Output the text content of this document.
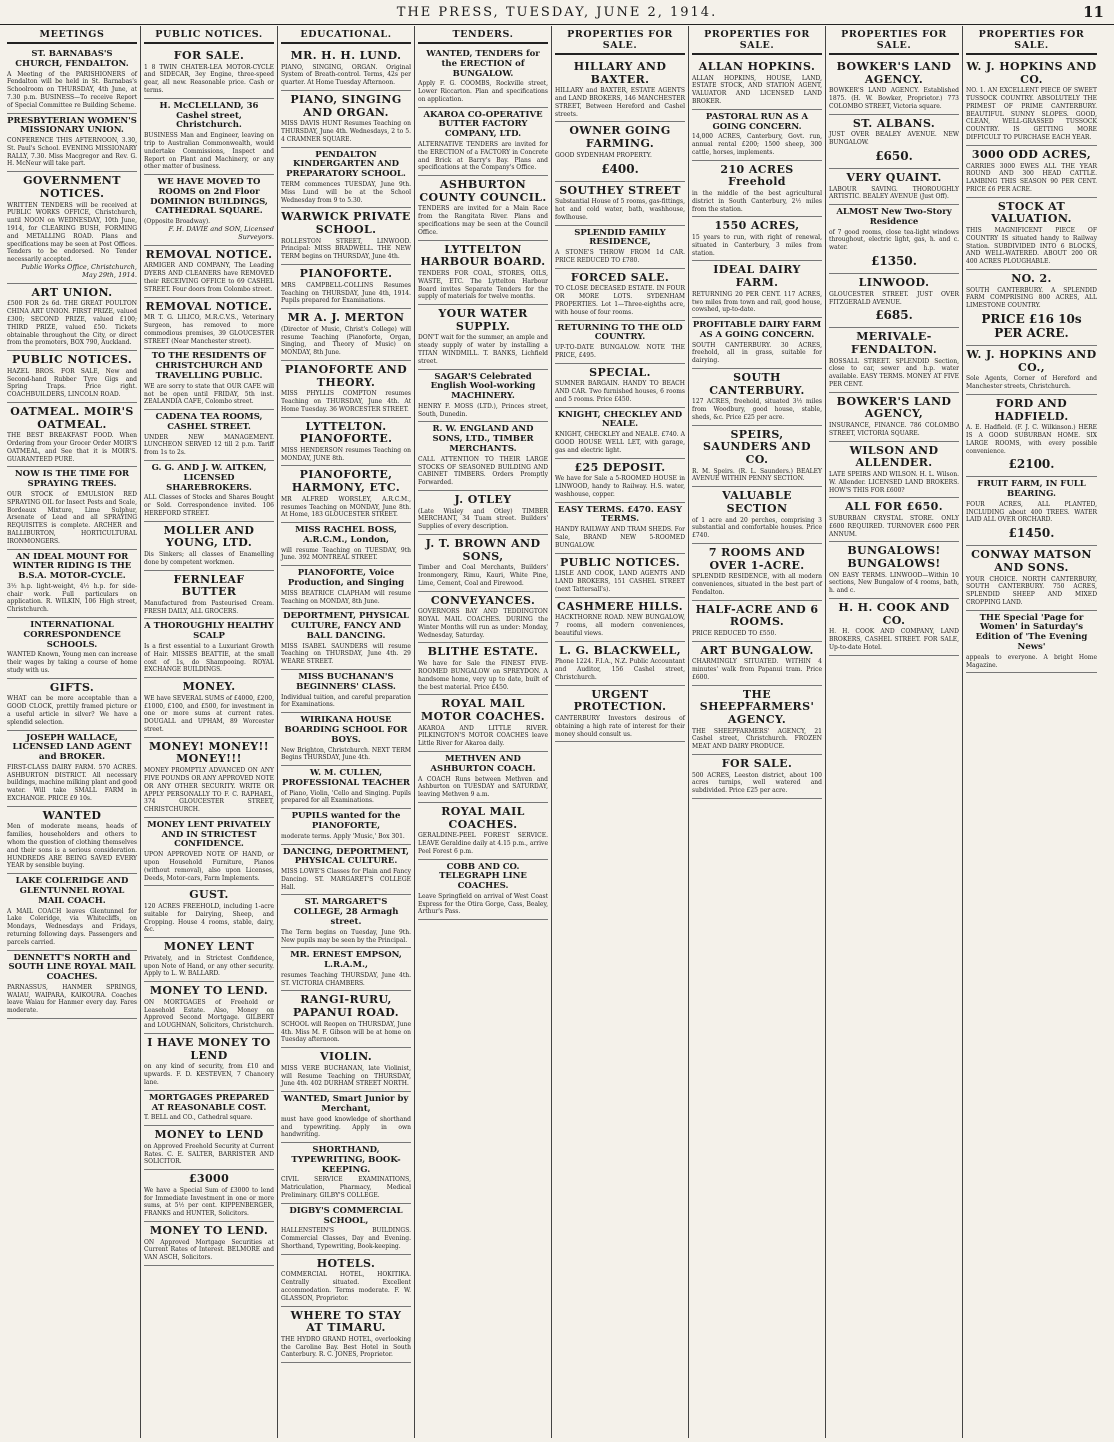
THE PRESS, TUESDAY, JUNE 2, 1914.	11
MEETINGS
ST. BARNABAS'S CHURCH, FENDALTON.
A Meeting of the PARISHIONERS of Fendalton will be held in St. Barnabas's Schoolroom on THURSDAY, 4th June, at 7.30 p.m. BUSINESS—To receive Report of Special Committee re Building Scheme.
PRESBYTERIAN WOMEN'S MISSIONARY UNION.
CONFERENCE THIS AFTERNOON, 3.30, St. Paul's School. EVENING MISSIONARY RALLY, 7.30. Miss Macgregor and Rev. G. H. McNeur will take part.
GOVERNMENT NOTICES.
WRITTEN TENDERS will be received at PUBLIC WORKS OFFICE, Christchurch, until NOON on WEDNESDAY, 10th June, 1914, for CLEARING BUSH, FORMING and METALLING ROAD. Plans and specifications may be seen at Post Offices. Tenders to be endorsed. No Tender necessarily accepted.
Public Works Office, Christchurch, May 29th, 1914.
ART UNION.
£500 FOR 2s 6d. THE GREAT POULTON CHINA ART UNION. FIRST PRIZE, valued £300; SECOND PRIZE, valued £100; THIRD PRIZE, valued £50. Tickets obtainable throughout the City, or direct from the promoters, BOX 790, Auckland.
PUBLIC NOTICES.
HAZEL BROS. FOR SALE, New and Second-hand Rubber Tyre Gigs and Spring Traps. Price right. COACHBUILDERS, LINCOLN ROAD.
OATMEAL. MOIR'S OATMEAL.
THE BEST BREAKFAST FOOD. When Ordering from your Grocer Order MOIR'S OATMEAL, and See that it is MOIR'S. GUARANTEED PURE.
NOW IS THE TIME FOR SPRAYING TREES.
OUR STOCK of EMULSION RED SPRAYING OIL for Insect Pests and Scale, Bordeaux Mixture, Lime Sulphur, Arsenate of Lead and all SPRAYING REQUISITES is complete. ARCHER and BALLIBURTON, HORTICULTURAL IRONMONGERS.
AN IDEAL MOUNT FOR WINTER RIDING IS THE B.S.A. MOTOR-CYCLE.
3½ h.p. light-weight, 4½ h.p. for side-chair work. Full particulars on application. R. WILKIN, 106 High street, Christchurch.
INTERNATIONAL CORRESPONDENCE SCHOOLS.
WANTED Known, Young men can increase their wages by taking a course of home study with us.
GIFTS.
WHAT can be more acceptable than a GOOD CLOCK, prettily framed picture or a useful article in silver? We have a splendid selection.
JOSEPH WALLACE, LICENSED LAND AGENT and BROKER.
FIRST-CLASS DAIRY FARM. 570 ACRES. ASHBURTON DISTRICT. All necessary buildings, machine milking plant and good water. Will take SMALL FARM in EXCHANGE. PRICE £9 10s.
WANTED
Men of moderate means, heads of families, householders and others to whom the question of clothing themselves and their sons is a serious consideration. HUNDREDS ARE BEING SAVED EVERY YEAR by sensible buying.
LAKE COLERIDGE AND GLENTUNNEL ROYAL MAIL COACH.
A MAIL COACH leaves Glentunnel for Lake Coleridge, via Whitecliffs, on Mondays, Wednesdays and Fridays, returning following days. Passengers and parcels carried.
DENNETT'S NORTH and SOUTH LINE ROYAL MAIL COACHES.
PARNASSUS, HANMER SPRINGS, WAIAU, WAIPARA, KAIKOURA. Coaches leave Waiau for Hanmer every day. Fares moderate.
PUBLIC NOTICES.
FOR SALE.
1 8 TWIN CHATER-LEA MOTOR-CYCLE and SIDECAR, 3ey Engine, three-speed gear, all new. Reasonable price. Cash or terms.
H. McCLELLAND, 36 Cashel street, Christchurch.
BUSINESS Man and Engineer, leaving on trip to Australian Commonwealth, would undertake Commissions, Inspect and Report on Plant and Machinery, or any other matter of business.
WE HAVE MOVED TO ROOMS on 2nd Floor DOMINION BUILDINGS, CATHEDRAL SQUARE.
(Opposite Broadway).
F. H. DAVIE and SON, Licensed Surveyors.
REMOVAL NOTICE.
ARMIGER AND COMPANY, The Leading DYERS AND CLEANERS have REMOVED their RECEIVING OFFICE to 69 CASHEL STREET. Four doors from Colombo street.
REMOVAL NOTICE.
MR T. G. LILICO, M.R.C.V.S., Veterinary Surgeon, has removed to more commodious premises, 39 GLOUCESTER STREET (Near Manchester street).
TO THE RESIDENTS OF CHRISTCHURCH AND TRAVELLING PUBLIC.
WE are sorry to state that OUR CAFE will not be open until FRIDAY, 5th inst. ZEALANDIA CAFE, Colombo street.
CADENA TEA ROOMS, CASHEL STREET.
UNDER NEW MANAGEMENT. LUNCHEON SERVED 12 till 2 p.m. Tariff from 1s to 2s.
G. G. AND J. W. AITKEN, LICENSED SHAREBROKERS.
ALL Classes of Stocks and Shares Bought or Sold. Correspondence invited. 106 HEREFORD STREET.
MOLLER AND YOUNG, LTD.
Dis Sinkers; all classes of Enamelling done by competent workmen.
FERNLEAF BUTTER
Manufactured from Pasteurised Cream. FRESH DAILY, ALL GROCERS.
A THOROUGHLY HEALTHY SCALP
Is a first essential to a Luxuriant Growth of Hair. MISSES BEATTIE, at the small cost of 1s, do Shampooing. ROYAL EXCHANGE BUILDINGS.
MONEY.
WE have SEVERAL SUMS of £4000, £200, £1000, £100, and £500, for investment in one or more sums at current rates. DOUGALL and UPHAM, 89 Worcester street.
MONEY! MONEY!! MONEY!!!
MONEY PROMPTLY ADVANCED ON ANY FIVE POUNDS OR ANY APPROVED NOTE OR ANY OTHER SECURITY. WRITE OR APPLY PERSONALLY TO F. C. RAPHAEL, 374 GLOUCESTER STREET, CHRISTCHURCH.
MONEY LENT PRIVATELY AND IN STRICTEST CONFIDENCE.
UPON APPROVED NOTE OF HAND, or upon Household Furniture, Pianos (without removal), also upon Licenses, Deeds, Motor-cars, Farm Implements.
GUST.
120 ACRES FREEHOLD, including 1-acre suitable for Dairying, Sheep, and Cropping. House 4 rooms, stable, dairy, &c.
MONEY LENT
Privately, and in Strictest Confidence, upon Note of Hand, or any other security. Apply to L. W. BALLARD.
MONEY TO LEND.
ON MORTGAGES of Freehold or Leasehold Estate. Also, Money on Approved Second Mortgage. GILBERT and LOUGHNAN, Solicitors, Christchurch.
I HAVE MONEY TO LEND
on any kind of security, from £10 and upwards. F. D. KESTEVEN, 7 Chancery lane.
MORTGAGES PREPARED AT REASONABLE COST.
T. BELL and CO., Cathedral square.
MONEY to LEND
on Approved Freehold Security at Current Rates. C. E. SALTER, BARRISTER AND SOLICITOR.
£3000
We have a Special Sum of £3000 to lend for Immediate Investment in one or more sums, at 5½ per cent. KIPPENBERGER, FRANKS and HUNTER, Solicitors.
MONEY TO LEND.
ON Approved Mortgage Securities at Current Rates of Interest. BELMORE and VAN ASCH, Solicitors.
EDUCATIONAL.
MR. H. H. LUND.
PIANO, SINGING, ORGAN. Original System of Breath-control. Terms, 42s per quarter. At Home Tuesday Afternoon.
PIANO, SINGING AND ORGAN.
MISS DAVIS HUNT Resumes Teaching on THURSDAY, June 4th. Wednesdays, 2 to 5. 4 CRAMNER SQUARE.
PENDALTON KINDERGARTEN AND PREPARATORY SCHOOL.
TERM commences TUESDAY, June 9th. Miss Lund will be at the School Wednesday from 9 to 5.30.
WARWICK PRIVATE SCHOOL.
ROLLESTON STREET, LINWOOD. Principal: MISS BRADWELL. THE NEW TERM begins on THURSDAY, June 4th.
PIANOFORTE.
MRS CAMPBELL-COLLINS Resumes Teaching on THURSDAY, June 4th, 1914. Pupils prepared for Examinations.
MR A. J. MERTON
(Director of Music, Christ's College) will resume Teaching (Pianoforte, Organ, Singing, and Theory of Music) on MONDAY, 8th June.
PIANOFORTE AND THEORY.
MISS PHYLLIS COMPTON resumes Teaching on THURSDAY, June 4th. At Home Tuesday. 36 WORCESTER STREET.
LYTTELTON. PIANOFORTE.
MISS HENDERSON resumes Teaching on MONDAY, JUNE 8th.
PIANOFORTE, HARMONY, ETC.
MR ALFRED WORSLEY, A.R.C.M., resumes Teaching on MONDAY, June 8th. At Home, 183 GLOUCESTER STREET.
MISS RACHEL BOSS, A.R.C.M., London,
will resume Teaching on TUESDAY, 9th June. 392 MONTREAL STREET.
PIANOFORTE, Voice Production, and Singing
MISS BEATRICE CLAPHAM will resume Teaching on MONDAY, 8th June.
DEPORTMENT, PHYSICAL CULTURE, FANCY AND BALL DANCING.
MISS ISABEL SAUNDERS will resume Teaching on THURSDAY, June 4th. 29 WEARE STREET.
MISS BUCHANAN'S BEGINNERS' CLASS.
Individual tuition, and careful preparation for Examinations.
WIRIKANA HOUSE BOARDING SCHOOL FOR BOYS.
New Brighton, Christchurch. NEXT TERM Begins THURSDAY, June 4th.
W. M. CULLEN, PROFESSIONAL TEACHER
of Piano, Violin, 'Cello and Singing. Pupils prepared for all Examinations.
PUPILS wanted for the PIANOFORTE,
moderate terms. Apply 'Music,' Box 301.
DANCING, DEPORTMENT, PHYSICAL CULTURE.
MISS LOWE'S Classes for Plain and Fancy Dancing. ST. MARGARET'S COLLEGE Hall.
ST. MARGARET'S COLLEGE, 28 Armagh street.
The Term begins on Tuesday, June 9th. New pupils may be seen by the Principal.
MR. ERNEST EMPSON, L.R.A.M.,
resumes Teaching THURSDAY, June 4th. ST. VICTORIA CHAMBERS.
RANGI-RURU, PAPANUI ROAD.
SCHOOL will Reopen on THURSDAY, June 4th. Miss M. F. Gibson will be at home on Tuesday afternoon.
VIOLIN.
MISS VERE BUCHANAN, late Violinist, will Resume Teaching on THURSDAY, June 4th. 402 DURHAM STREET NORTH.
WANTED, Smart Junior by Merchant,
must have good knowledge of shorthand and typewriting. Apply in own handwriting.
SHORTHAND, TYPEWRITING, BOOK-KEEPING.
CIVIL SERVICE EXAMINATIONS, Matriculation, Pharmacy, Medical Preliminary. GILBY'S COLLEGE.
DIGBY'S COMMERCIAL SCHOOL,
HALLENSTEIN'S BUILDINGS. Commercial Classes, Day and Evening. Shorthand, Typewriting, Book-keeping.
HOTELS.
COMMERCIAL HOTEL, HOKITIKA. Centrally situated. Excellent accommodation. Terms moderate. F. W. GLASSON, Proprietor.
WHERE TO STAY AT TIMARU.
THE HYDRO GRAND HOTEL, overlooking the Caroline Bay. Best Hotel in South Canterbury. R. C. JONES, Proprietor.
TENDERS.
WANTED, TENDERS for the ERECTION of BUNGALOW.
Apply F. G. COOMBS, Rockville street, Lower Riccarton. Plan and specifications on application.
AKAROA CO-OPERATIVE BUTTER FACTORY COMPANY, LTD.
ALTERNATIVE TENDERS are invited for the ERECTION of a FACTORY in Concrete and Brick at Barry's Bay. Plans and specifications at the Company's Office.
ASHBURTON COUNTY COUNCIL.
TENDERS are invited for a Main Race from the Rangitata River. Plans and specifications may be seen at the Council Office.
LYTTELTON HARBOUR BOARD.
TENDERS FOR COAL, STORES, OILS, WASTE, ETC. The Lyttelton Harbour Board invites Separate Tenders for the supply of materials for twelve months.
YOUR WATER SUPPLY.
DON'T wait for the summer, an ample and steady supply of water by installing a TITAN WINDMILL. T. BANKS, Lichfield street.
SAGAR'S Celebrated English Wool-working MACHINERY.
HENRY F. MOSS (LTD.), Princes street, South, Dunedin.
R. W. ENGLAND AND SONS, LTD., TIMBER MERCHANTS.
CALL ATTENTION TO THEIR LARGE STOCKS OF SEASONED BUILDING AND CABINET TIMBERS. Orders Promptly Forwarded.
J. OTLEY
(Late Wisley and Otley) TIMBER MERCHANT, 34 Tuam street. Builders' Supplies of every description.
J. T. BROWN AND SONS,
Timber and Coal Merchants, Builders' Ironmongery, Rimu, Kauri, White Pine, Lime, Cement, Coal and Firewood.
CONVEYANCES.
GOVERNORS BAY AND TEDDINGTON ROYAL MAIL COACHES. DURING the Winter Months will run as under: Monday, Wednesday, Saturday.
BLITHE ESTATE.
We have for Sale the FINEST FIVE-ROOMED BUNGALOW on SPREYDON. A handsome home, very up to date, built of the best material. Price £450.
ROYAL MAIL MOTOR COACHES.
AKAROA AND LITTLE RIVER. PILKINGTON'S MOTOR COACHES leave Little River for Akaroa daily.
METHVEN AND ASHBURTON COACH.
A COACH Runs between Methven and Ashburton on TUESDAY and SATURDAY, leaving Methven 9 a.m.
ROYAL MAIL COACHES.
GERALDINE-PEEL FOREST SERVICE. LEAVE Geraldine daily at 4.15 p.m., arrive Peel Forest 6 p.m.
COBB AND CO. TELEGRAPH LINE COACHES.
Leave Springfield on arrival of West Coast Express for the Otira Gorge, Cass, Bealey, Arthur's Pass.
PROPERTIES FOR SALE.
HILLARY AND BAXTER.
HILLARY and BAXTER, ESTATE AGENTS and LAND BROKERS, 146 MANCHESTER STREET, Between Hereford and Cashel streets.
OWNER GOING FARMING.
GOOD SYDENHAM PROPERTY.
£400.
SOUTHEY STREET
Substantial House of 5 rooms, gas-fittings, hot and cold water, bath, washhouse, fowlhouse.
SPLENDID FAMILY RESIDENCE,
A STONE'S THROW FROM 1d CAR. PRICE REDUCED TO £780.
FORCED SALE.
TO CLOSE DECEASED ESTATE. IN FOUR OR MORE LOTS. SYDENHAM PROPERTIES. Lot 1—Three-eighths acre, with house of four rooms.
RETURNING TO THE OLD COUNTRY.
UP-TO-DATE BUNGALOW. NOTE THE PRICE, £495.
SPECIAL.
SUMNER BARGAIN. HANDY TO BEACH AND CAR. Two furnished houses, 6 rooms and 5 rooms. Price £450.
KNIGHT, CHECKLEY AND NEALE.
KNIGHT, CHECKLEY and NEALE. £740. A GOOD HOUSE WELL LET, with garage, gas and electric light.
£25 DEPOSIT.
We have for Sale a 5-ROOMED HOUSE in LINWOOD, handy to Railway. H.S. water, washhouse, copper.
EASY TERMS. £470. EASY TERMS.
HANDY RAILWAY AND TRAM SHEDS. For Sale, BRAND NEW 5-ROOMED BUNGALOW.
PUBLIC NOTICES.
LISLE AND COOK, LAND AGENTS AND LAND BROKERS, 151 CASHEL STREET (next Tattersall's).
CASHMERE HILLS.
HACKTHORNE ROAD. NEW BUNGALOW, 7 rooms, all modern conveniences, beautiful views.
L. G. BLACKWELL,
Phone 1224. F.I.A., N.Z. Public Accountant and Auditor, 156 Cashel street, Christchurch.
URGENT PROTECTION.
CANTERBURY Investors desirous of obtaining a high rate of interest for their money should consult us.
PROPERTIES FOR SALE.
ALLAN HOPKINS.
ALLAN HOPKINS, HOUSE, LAND, ESTATE STOCK, AND STATION AGENT, VALUATOR AND LICENSED LAND BROKER.
PASTORAL RUN AS A GOING CONCERN.
14,000 ACRES, Canterbury, Govt. run, annual rental £200; 1500 sheep, 300 cattle, horses, implements.
210 ACRES Freehold
in the middle of the best agricultural district in South Canterbury, 2½ miles from the station.
1550 ACRES,
15 years to run, with right of renewal, situated in Canterbury, 3 miles from station.
IDEAL DAIRY FARM.
RETURNING 20 PER CENT. 117 ACRES, two miles from town and rail, good house, cowshed, up-to-date.
PROFITABLE DAIRY FARM AS A GOING CONCERN.
SOUTH CANTERBURY. 30 ACRES, freehold, all in grass, suitable for dairying.
SOUTH CANTERBURY.
127 ACRES, freehold, situated 3½ miles from Woodbury, good house, stable, sheds, &c. Price £25 per acre.
SPEIRS, SAUNDERS AND CO.
R. M. Speirs. (R. L. Saunders.) BEALEY AVENUE WITHIN PENNY SECTION.
VALUABLE SECTION
of 1 acre and 20 perches, comprising 3 substantial and comfortable houses. Price £740.
7 ROOMS AND OVER 1-ACRE.
SPLENDID RESIDENCE, with all modern conveniences, situated in the best part of Fendalton.
HALF-ACRE AND 6 ROOMS.
PRICE REDUCED TO £550.
ART BUNGALOW.
CHARMINGLY SITUATED. WITHIN 4 minutes' walk from Papanui tram. Price £600.
THE SHEEPFARMERS' AGENCY.
THE SHEEPFARMERS' AGENCY, 21 Cashel street, Christchurch. FROZEN MEAT AND DAIRY PRODUCE.
FOR SALE.
500 ACRES, Leeston district, about 100 acres turnips, well watered and subdivided. Price £25 per acre.
PROPERTIES FOR SALE.
BOWKER'S LAND AGENCY.
BOWKER'S LAND AGENCY. Established 1875. (H. W. Bowker, Proprietor.) 773 COLOMBO STREET, Victoria square.
ST. ALBANS.
JUST OVER BEALEY AVENUE. NEW BUNGALOW.
£650.
VERY QUAINT.
LABOUR SAVING. THOROUGHLY ARTISTIC. BEALEY AVENUE (Just Off).
ALMOST New Two-Story Residence
of 7 good rooms, close tea-light windows throughout, electric light, gas, h. and c. water.
£1350.
LINWOOD.
GLOUCESTER STREET. JUST OVER FITZGERALD AVENUE.
£685.
MERIVALE-FENDALTON.
ROSSALL STREET. SPLENDID Section, close to car, sewer and h.p. water available. EASY TERMS. MONEY AT FIVE PER CENT.
BOWKER'S LAND AGENCY,
INSURANCE, FINANCE. 786 COLOMBO STREET, VICTORIA SQUARE.
WILSON AND ALLENDER.
LATE SPEIRS AND WILSON. H. L. Wilson. W. Allender. LICENSED LAND BROKERS. HOW'S THIS FOR £600?
ALL FOR £650.
SUBURBAN CRYSTAL STORE. ONLY £600 REQUIRED. TURNOVER £600 PER ANNUM.
BUNGALOWS! BUNGALOWS!
ON EASY TERMS. LINWOOD—Within 10 sections, New Bungalow of 4 rooms, bath, h. and c.
H. H. COOK AND CO.
H. H. COOK AND COMPANY, LAND BROKERS, CASHEL STREET. FOR SALE, Up-to-date Hotel.
PROPERTIES FOR SALE.
W. J. HOPKINS AND CO.
NO. 1. AN EXCELLENT PIECE OF SWEET TUSSOCK COUNTRY. ABSOLUTELY THE PRIMEST OF PRIME CANTERBURY. BEAUTIFUL SUNNY SLOPES. GOOD, CLEAN, WELL-GRASSED TUSSOCK COUNTRY. IS GETTING MORE DIFFICULT TO PURCHASE EACH YEAR.
3000 ODD ACRES,
CARRIES 3000 EWES ALL THE YEAR ROUND AND 300 HEAD CATTLE. LAMBING THIS SEASON 90 PER CENT. PRICE £6 PER ACRE.
STOCK AT VALUATION.
THIS MAGNIFICENT PIECE OF COUNTRY IS situated handy to Railway Station. SUBDIVIDED INTO 6 BLOCKS, AND WELL-WATERED. ABOUT 200 OR 400 ACRES PLOUGHABLE.
NO. 2.
SOUTH CANTERBURY. A SPLENDID FARM COMPRISING 800 ACRES, ALL LIMESTONE COUNTRY.
PRICE £16 10s PER ACRE.
W. J. HOPKINS AND CO.,
Sole Agents, Corner of Hereford and Manchester streets, Christchurch.
FORD AND HADFIELD.
A. E. Hadfield. (F. J. C. Wilkinson.) HERE IS A GOOD SUBURBAN HOME. SIX LARGE ROOMS, with every possible convenience.
£2100.
FRUIT FARM, IN FULL BEARING.
FOUR ACRES, ALL PLANTED, INCLUDING about 400 TREES. WATER LAID ALL OVER ORCHARD.
£1450.
CONWAY MATSON AND SONS.
YOUR CHOICE. NORTH CANTERBURY, SOUTH CANTERBURY. 750 ACRES, SPLENDID SHEEP AND MIXED CROPPING LAND.
THE Special 'Page for Women' in Saturday's Edition of 'The Evening News'
appeals to everyone. A bright Home Magazine.
